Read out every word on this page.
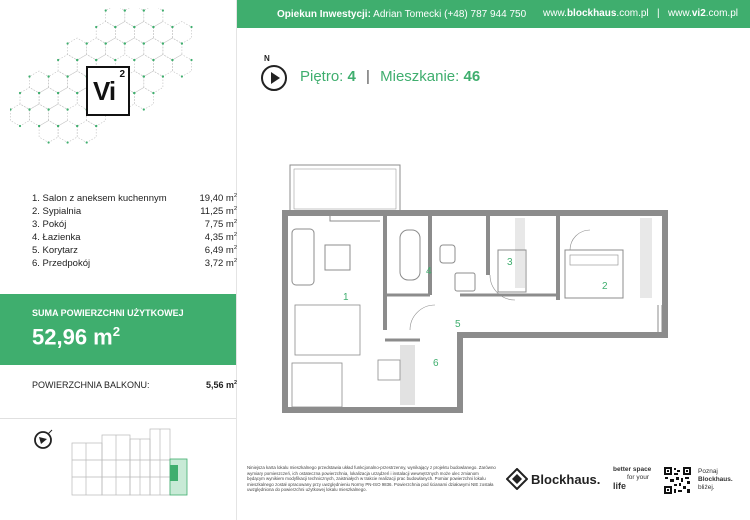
Opiekun Inwestycji: Adrian Tomecki (+48) 787 944 750 www.blockhaus.com.pl | www.vi2.com.pl
Vi
2
N
Piętro: 4 | Mieszkanie: 46
1. Salon z aneksem kuchennym	19,40 $m^2$
2. Sypialnia	11,25 $m^2$
3. Pokój	7,75 $m^2$
4. Łazienka	4,35 $m^2$
5. Korytarz	6,49 $m^2$
6. Przedpokój	3,72 $m^2$
SUMA POWIERZCHNI UŻYTKOWEJ
52,96 $m^2$
POWIERZCHNIA BALKONU:	5,56 $m^2$
1
2
3
4
5
6
Niniejsza karta lokalu mieszkalnego przedstawia układ funkcjonalno-przestrzenny, wynikający z projektu budowlanego. Zarówno wymiary pomieszczeń, ich ostateczna powierzchnia, lokalizacja urządzeń i instalacji wewnętrznych może ulec zmianom będącym wynikiem modyfikacji technicznych, zaistniałych w trakcie realizacji prac budowlanych. Pomiar powierzchni lokalu mieszkalnego został opracowany przy uwzględnieniu Normy PN-ISO 9836. Powierzchnia pod ścianami działowymi NIE została uwzględniona do powierzchni użytkowej lokalu mieszkalnego.
Blockhaus.
better space
for your
life
Poznaj
Blockhaus.
bliżej.
